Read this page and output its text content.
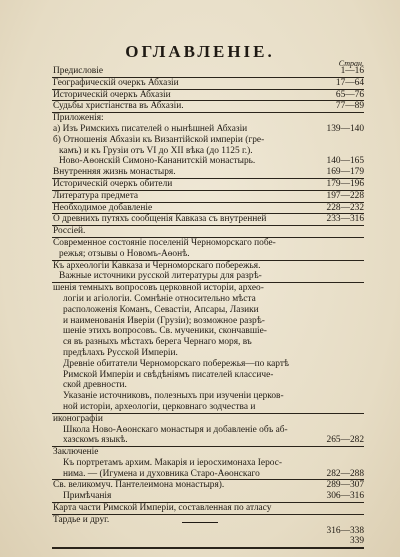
ОГЛАВЛЕНІЕ.
Стран.
Предисловіе	1—16
Географическій очеркъ Абхазіи	17—64
Историческій очеркъ Абхазіи	65—76
Судьбы христіанства въ Абхазіи.	77—89
Приложенія:
а) Изъ Римскихъ писателей о нынѣшней Абхазіи	139—140
б) Отношенія Абхазіи къ Византійской имперіи (гре-
камъ) и къ Грузіи отъ VI до XII вѣка (до 1125 г.).
Ново-Аѳонскій Симоно-Кананитскій монастырь.	140—165
Внутренняя жизнь монастыря.	169—179
Историческій очеркъ обители	179—196
Литература предмета	197—228
Необходимое добавленіе	228—232
О древнихъ путяхъ сообщенія Кавказа съ внутренней	233—316
Россіей.
Современное состояніе поселеній Черноморскаго побе-
режья; отзывы о Новомъ-Аѳонѣ.
Къ археологіи Кавказа и Черноморскаго побережья.
Важные источники русской литературы для разрѣ-
шенія темныхъ вопросовъ церковной исторіи, архео-
логіи и агіологіи. Сомнѣніе относительно мѣста
расположенія Команъ, Севастіи, Апсары, Лазики
и наименованія Иверіи (Грузіи); возможное разрѣ-
шеніе этихъ вопросовъ. Св. мученики, скончавшіе-
ся въ разныхъ мѣстахъ берега Чернаго моря, въ
предѣлахъ Русской Имперіи.
Древніе обитатели Черноморскаго побережья—по картѣ
Римской Имперіи и свѣдѣніямъ писателей классиче-
ской древности.
Указаніе источниковъ, полезныхъ при изученіи церков-
ной исторіи, археологіи, церковнаго зодчества и
иконографіи
Школа Ново-Аѳонскаго монастыря и добавленіе объ аб-
хазскомъ языкѣ.	265—282
Заключеніе
Къ портретамъ архим. Макарія и іеросхимонаха Іерос-
нима. — (Игумена и духовника Старо-Аѳонскаго	282—288
Св. великомуч. Пантелеимона монастыря).	289—307
Примѣчанія	306—316
Карта части Римской Имперіи, составленная по атласу
Тардье и друг.
316—338
339
